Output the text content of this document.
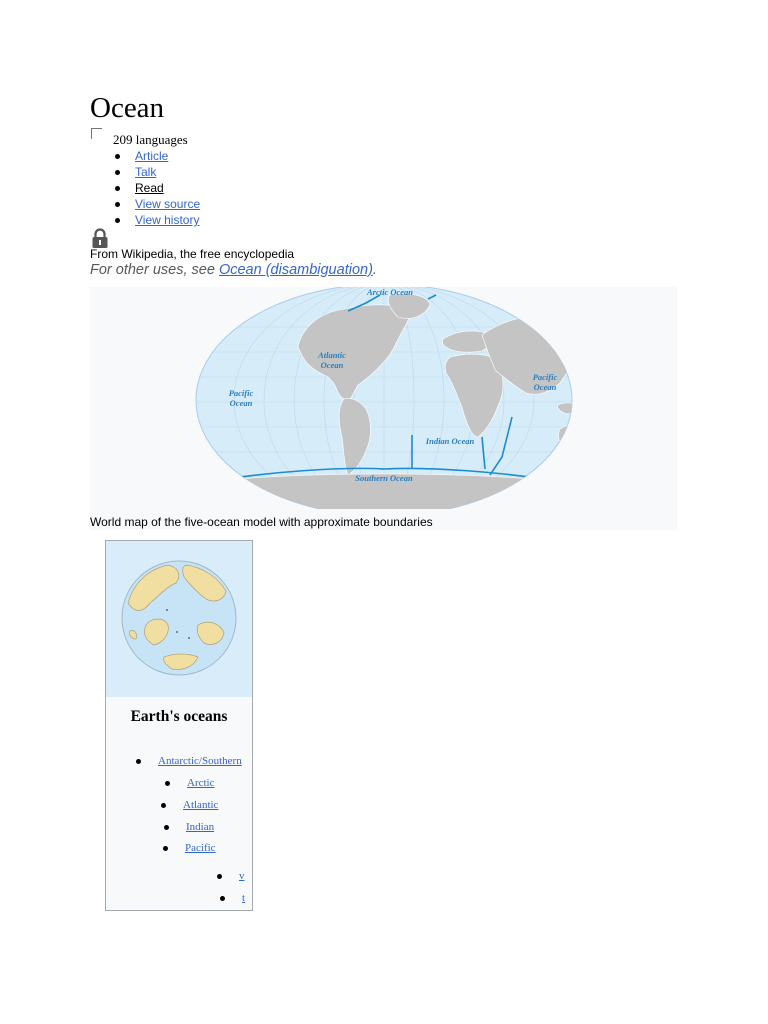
Ocean
209 languages
Article
Talk
Read
View source
View history
From Wikipedia, the free encyclopedia
For other uses, see Ocean (disambiguation).
Arctic Ocean
Atlantic
Ocean
Pacific
Ocean
Pacific
Ocean
Indian Ocean
Southern Ocean
World map of the five-ocean model with approximate boundaries
Earth's oceans
Antarctic/Southern
Arctic
Atlantic
Indian
Pacific
v
t
